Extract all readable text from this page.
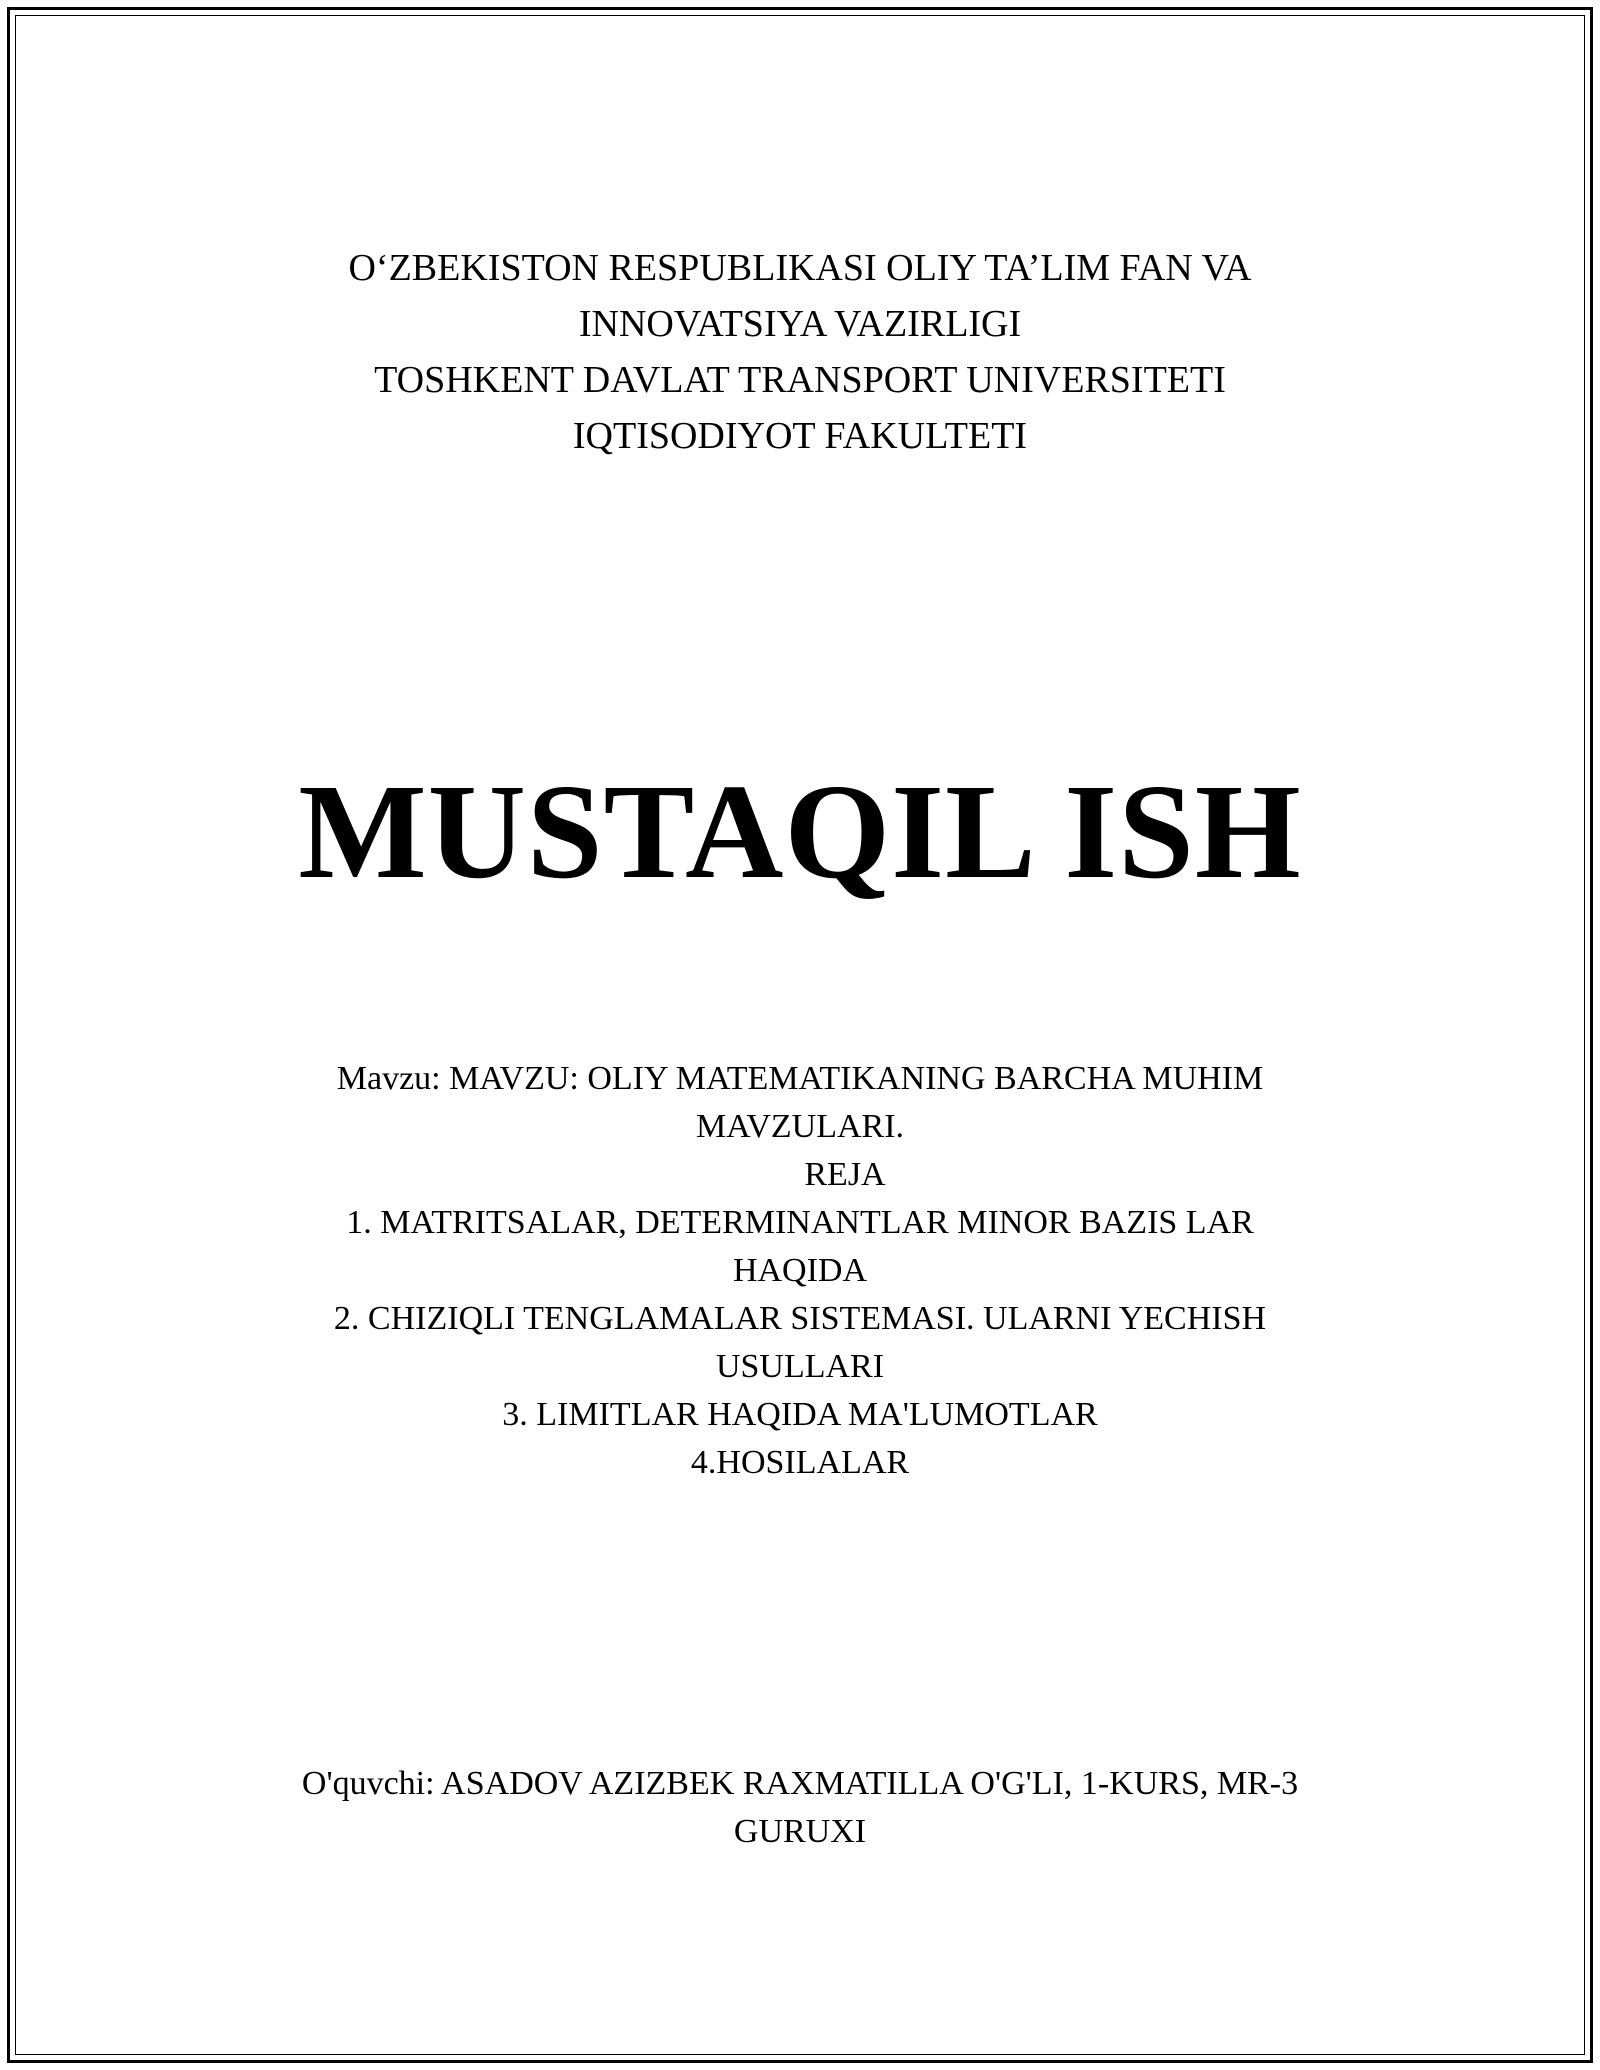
O‘ZBEKISTON RESPUBLIKASI OLIY TA’LIM FAN VA
INNOVATSIYA VAZIRLIGI
TOSHKENT DAVLAT TRANSPORT UNIVERSITETI
IQTISODIYOT FAKULTETI
MUSTAQIL ISH
Mavzu: MAVZU: OLIY MATEMATIKANING BARCHA MUHIM
MAVZULARI.
REJA
1. MATRITSALAR, DETERMINANTLAR MINOR BAZIS LAR
HAQIDA
2. CHIZIQLI TENGLAMALAR SISTEMASI. ULARNI YECHISH
USULLARI
3. LIMITLAR HAQIDA MA'LUMOTLAR
4.HOSILALAR
O'quvchi: ASADOV AZIZBEK RAXMATILLA O'G'LI, 1-KURS, MR-3
GURUXI
